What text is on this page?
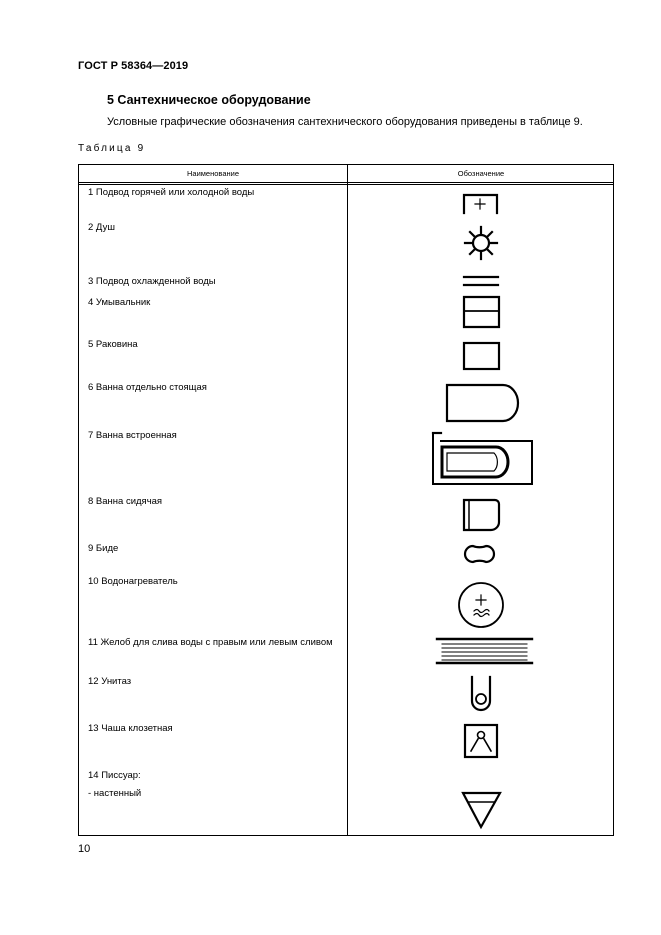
ГОСТ Р 58364—2019
5 Сантехническое оборудование
Условные графические обозначения сантехнического оборудования приведены в таблице 9.
Таблица 9
Наименование	Обозначение
1 Подвод горячей или холодной воды
2 Душ
3 Подвод охлажденной воды
4 Умывальник
5 Раковина
6 Ванна отдельно стоящая
7 Ванна встроенная
8 Ванна сидячая
9 Биде
10 Водонагреватель
11 Желоб для слива воды с правым или левым сливом
12 Унитаз
13 Чаша клозетная
14 Писсуар:
- настенный
10
